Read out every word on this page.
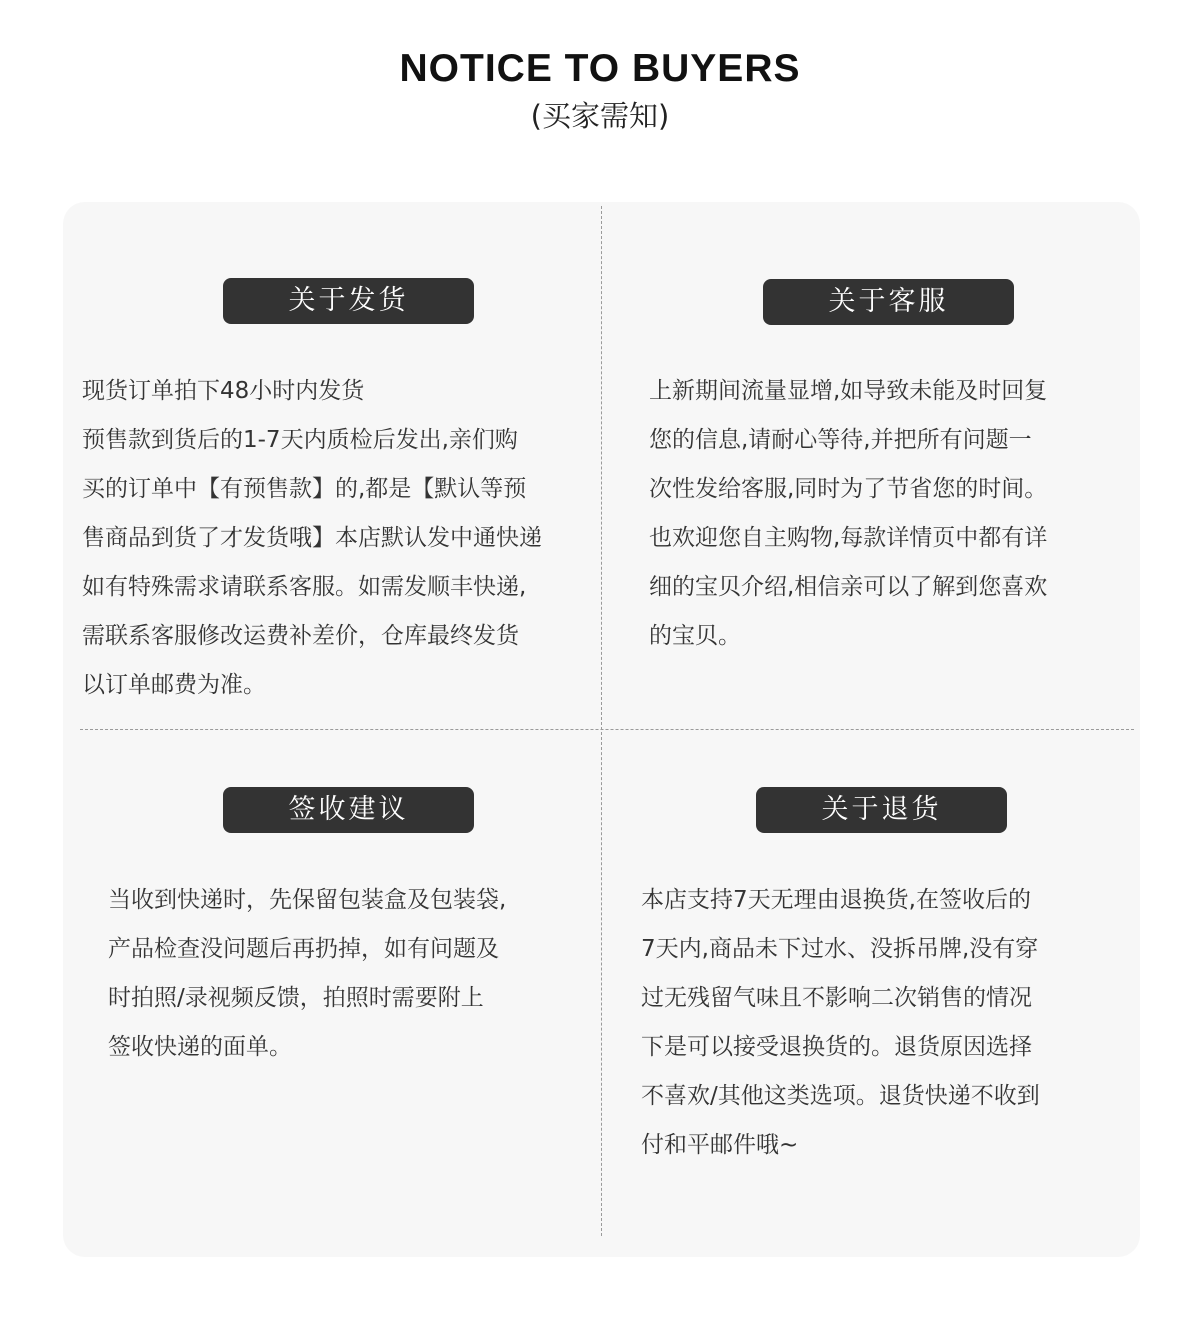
NOTICE TO BUYERS
(买家需知)
关于发货
现货订单拍下48小时内发货
预售款到货后的1-7天内质检后发出,亲们购
买的订单中【有预售款】的,都是【默认等预
售商品到货了才发货哦】本店默认发中通快递
如有特殊需求请联系客服。如需发顺丰快递,
需联系客服修改运费补差价，仓库最终发货
以订单邮费为准。
关于客服
上新期间流量显增,如导致未能及时回复
您的信息,请耐心等待,并把所有问题一
次性发给客服,同时为了节省您的时间。
也欢迎您自主购物,每款详情页中都有详
细的宝贝介绍,相信亲可以了解到您喜欢
的宝贝。
签收建议
当收到快递时，先保留包装盒及包装袋,
产品检查没问题后再扔掉，如有问题及
时拍照/录视频反馈，拍照时需要附上
签收快递的面单。
关于退货
本店支持7天无理由退换货,在签收后的
7天内,商品未下过水、没拆吊牌,没有穿
过无残留气味且不影响二次销售的情况
下是可以接受退换货的。退货原因选择
不喜欢/其他这类选项。退货快递不收到
付和平邮件哦~
